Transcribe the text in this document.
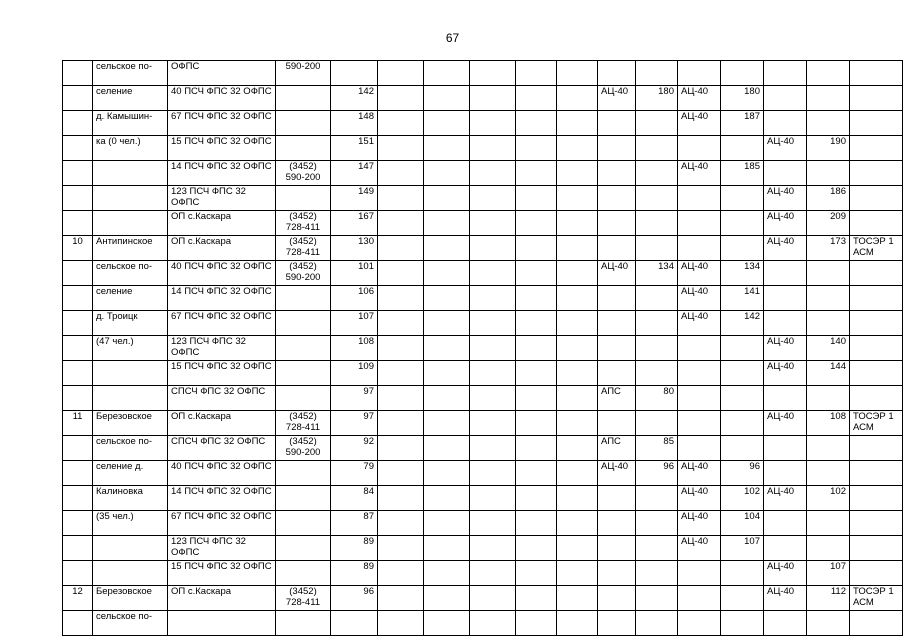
67
	сельское по-	ОФПС	590-200													
	селение	40 ПСЧ ФПС 32 ОФПС		142						АЦ-40	180	АЦ-40	180			
	д. Камышин-	67 ПСЧ ФПС 32 ОФПС		148								АЦ-40	187			
	ка (0 чел.)	15 ПСЧ ФПС 32 ОФПС		151										АЦ-40	190	
		14 ПСЧ ФПС 32 ОФПС	(3452) 590-200	147								АЦ-40	185			
		123 ПСЧ ФПС 32 ОФПС		149										АЦ-40	186	
		ОП с.Каскара	(3452) 728-411	167										АЦ-40	209	
10	Антипинское	ОП с.Каскара	(3452) 728-411	130										АЦ-40	173	ТОСЭР 1 АСМ
	сельское по-	40 ПСЧ ФПС 32 ОФПС	(3452) 590-200	101						АЦ-40	134	АЦ-40	134			
	селение	14 ПСЧ ФПС 32 ОФПС		106								АЦ-40	141			
	д. Троицк	67 ПСЧ ФПС 32 ОФПС		107								АЦ-40	142			
	(47 чел.)	123 ПСЧ ФПС 32 ОФПС		108										АЦ-40	140	
		15 ПСЧ ФПС 32 ОФПС		109										АЦ-40	144	
		СПСЧ ФПС 32 ОФПС		97						АПС	80					
11	Березовское	ОП с.Каскара	(3452) 728-411	97										АЦ-40	108	ТОСЭР 1 АСМ
	сельское по-	СПСЧ ФПС 32 ОФПС	(3452) 590-200	92						АПС	85					
	селение д.	40 ПСЧ ФПС 32 ОФПС		79						АЦ-40	96	АЦ-40	96			
	Калиновка	14 ПСЧ ФПС 32 ОФПС		84								АЦ-40	102	АЦ-40	102	
	(35 чел.)	67 ПСЧ ФПС 32 ОФПС		87								АЦ-40	104			
		123 ПСЧ ФПС 32 ОФПС		89								АЦ-40	107			
		15 ПСЧ ФПС 32 ОФПС		89										АЦ-40	107	
12	Березовское	ОП с.Каскара	(3452) 728-411	96										АЦ-40	112	ТОСЭР 1 АСМ
	сельское по-															
